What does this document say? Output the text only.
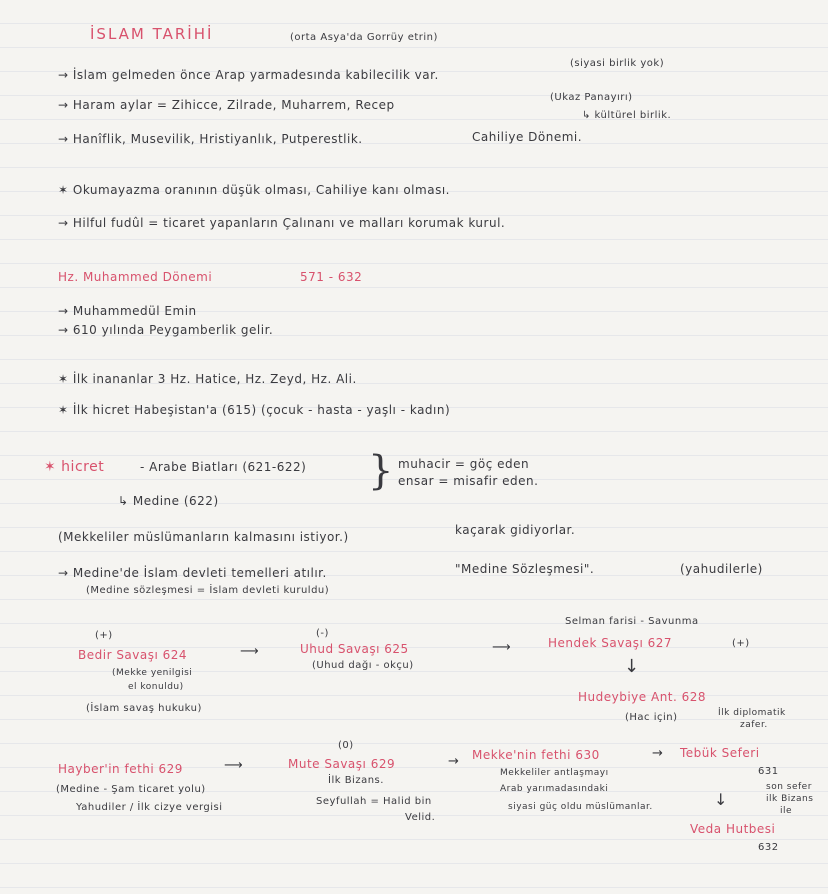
İSLAM TARİHİ	(orta Asya'da Gorrüy etrin)
→ İslam gelmeden önce Arap yarmadesında kabilecilik var.
(siyasi birlik yok)
→ Haram aylar = Zihicce, Zilrade, Muharrem, Recep
(Ukaz Panayırı)
↳ kültürel birlik.
→ Hanîflik, Musevilik, Hristiyanlık, Putperestlik.	Cahiliye Dönemi.
✶ Okumayazma oranının düşük olması, Cahiliye kanı olması.
→ Hilful fudûl = ticaret yapanların Çalınanı ve malları korumak kurul.
Hz. Muhammed Dönemi	571 - 632
→ Muhammedül Emin
→ 610 yılında Peygamberlik gelir.
✶ İlk inananlar 3 Hz. Hatice, Hz. Zeyd, Hz. Ali.
✶ İlk hicret Habeşistan'a (615) (çocuk - hasta - yaşlı - kadın)
✶ hicret	- Arabe Biatları (621-622)
↳ Medine (622)
} muhacir = göç eden
ensar = misafir eden.
(Mekkeliler müslümanların kalmasını istiyor.)	kaçarak gidiyorlar.
→ Medine'de İslam devleti temelleri atılır.	"Medine Sözleşmesi".	(yahudilerle)
(Medine sözleşmesi = İslam devleti kuruldu)
(+)
Bedir Savaşı 624
(Mekke yenilgisi
el konuldu)
(İslam savaş hukuku)
⟶
(-)
Uhud Savaşı 625
(Uhud dağı - okçu)
⟶
Selman farisi - Savunma
Hendek Savaşı 627	(+)
↓
Hudeybiye Ant. 628
(Hac için)	İlk diplomatik
zafer.
(0)
Hayber'in fethi 629	⟶
(Medine - Şam ticaret yolu)
Yahudiler / İlk cizye vergisi
Mute Savaşı 629	→
İlk Bizans.
Seyfullah = Halid bin
Velid.
Mekke'nin fethi 630	→
Mekkeliler antlaşmayı
Arab yarımadasındaki
siyasi güç oldu müslümanlar.
Tebük Seferi
631
son sefer
ilk Bizans
ile
↓
Veda Hutbesi
632
